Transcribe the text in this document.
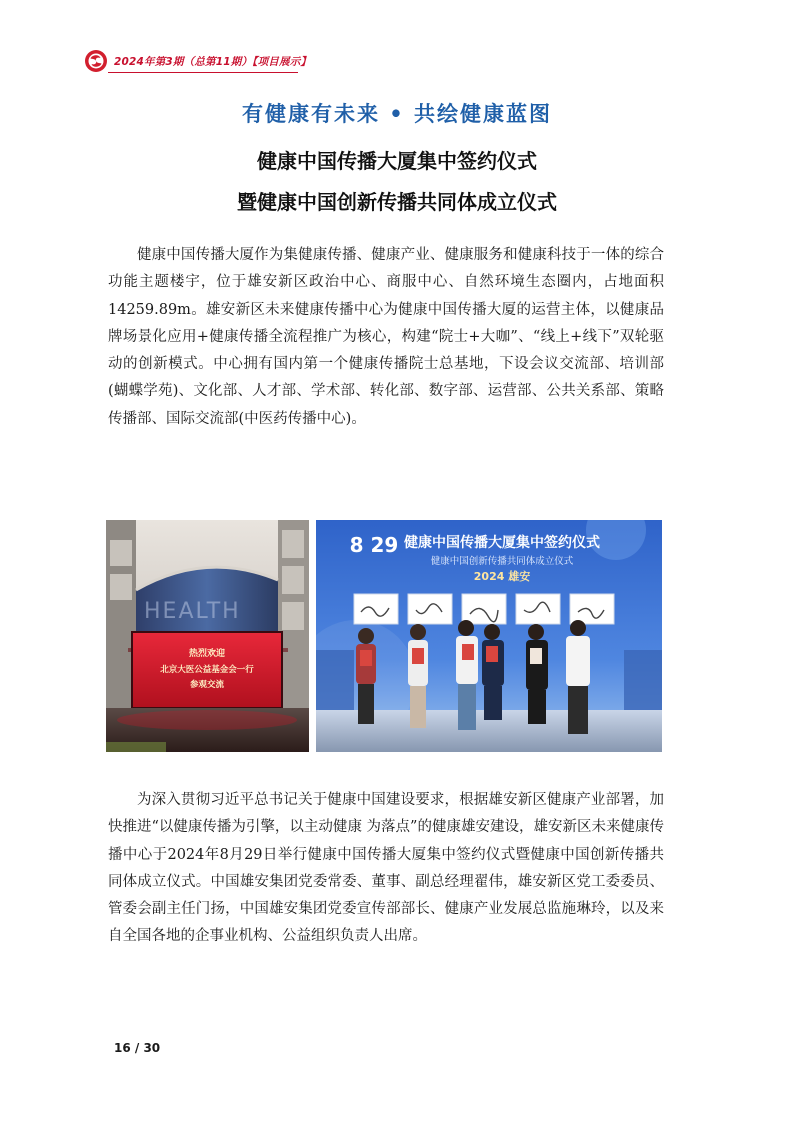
2024年第3期（总第11期）【项目展示】
有健康有未来 • 共绘健康蓝图
健康中国传播大厦集中签约仪式
暨健康中国创新传播共同体成立仪式

健康中国传播大厦作为集健康传播、健康产业、健康服务和健康科技于一体的综合功能主题楼宇，位于雄安新区政治中心、商服中心、自然环境生态圈内，占地面积14259.89m。雄安新区未来健康传播中心为健康中国传播大厦的运营主体，以健康品牌场景化应用+健康传播全流程推广为核心，构建“院士+大咖”、“线上+线下”双轮驱动的创新模式。中心拥有国内第一个健康传播院士总基地，下设会议交流部、培训部(蝴蝶学苑)、文化部、人才部、学术部、转化部、数字部、运营部、公共关系部、策略传播部、国际交流部(中医药传播中心)。

HEALTH
热烈欢迎
北京大医公益基金会一行
参观交流
8 29 健康中国传播大厦集中签约仪式
健康中国创新传播共同体成立仪式
2024 雄安

为深入贯彻习近平总书记关于健康中国建设要求，根据雄安新区健康产业部署，加快推进“以健康传播为引擎，以主动健康 为落点”的健康雄安建设，雄安新区未来健康传播中心于2024年8月29日举行健康中国传播大厦集中签约仪式暨健康中国创新传播共同体成立仪式。中国雄安集团党委常委、董事、副总经理翟伟，雄安新区党工委委员、管委会副主任门扬，中国雄安集团党委宣传部部长、健康产业发展总监施琳玲，以及来自全国各地的企事业机构、公益组织负责人出席。

16 / 30
